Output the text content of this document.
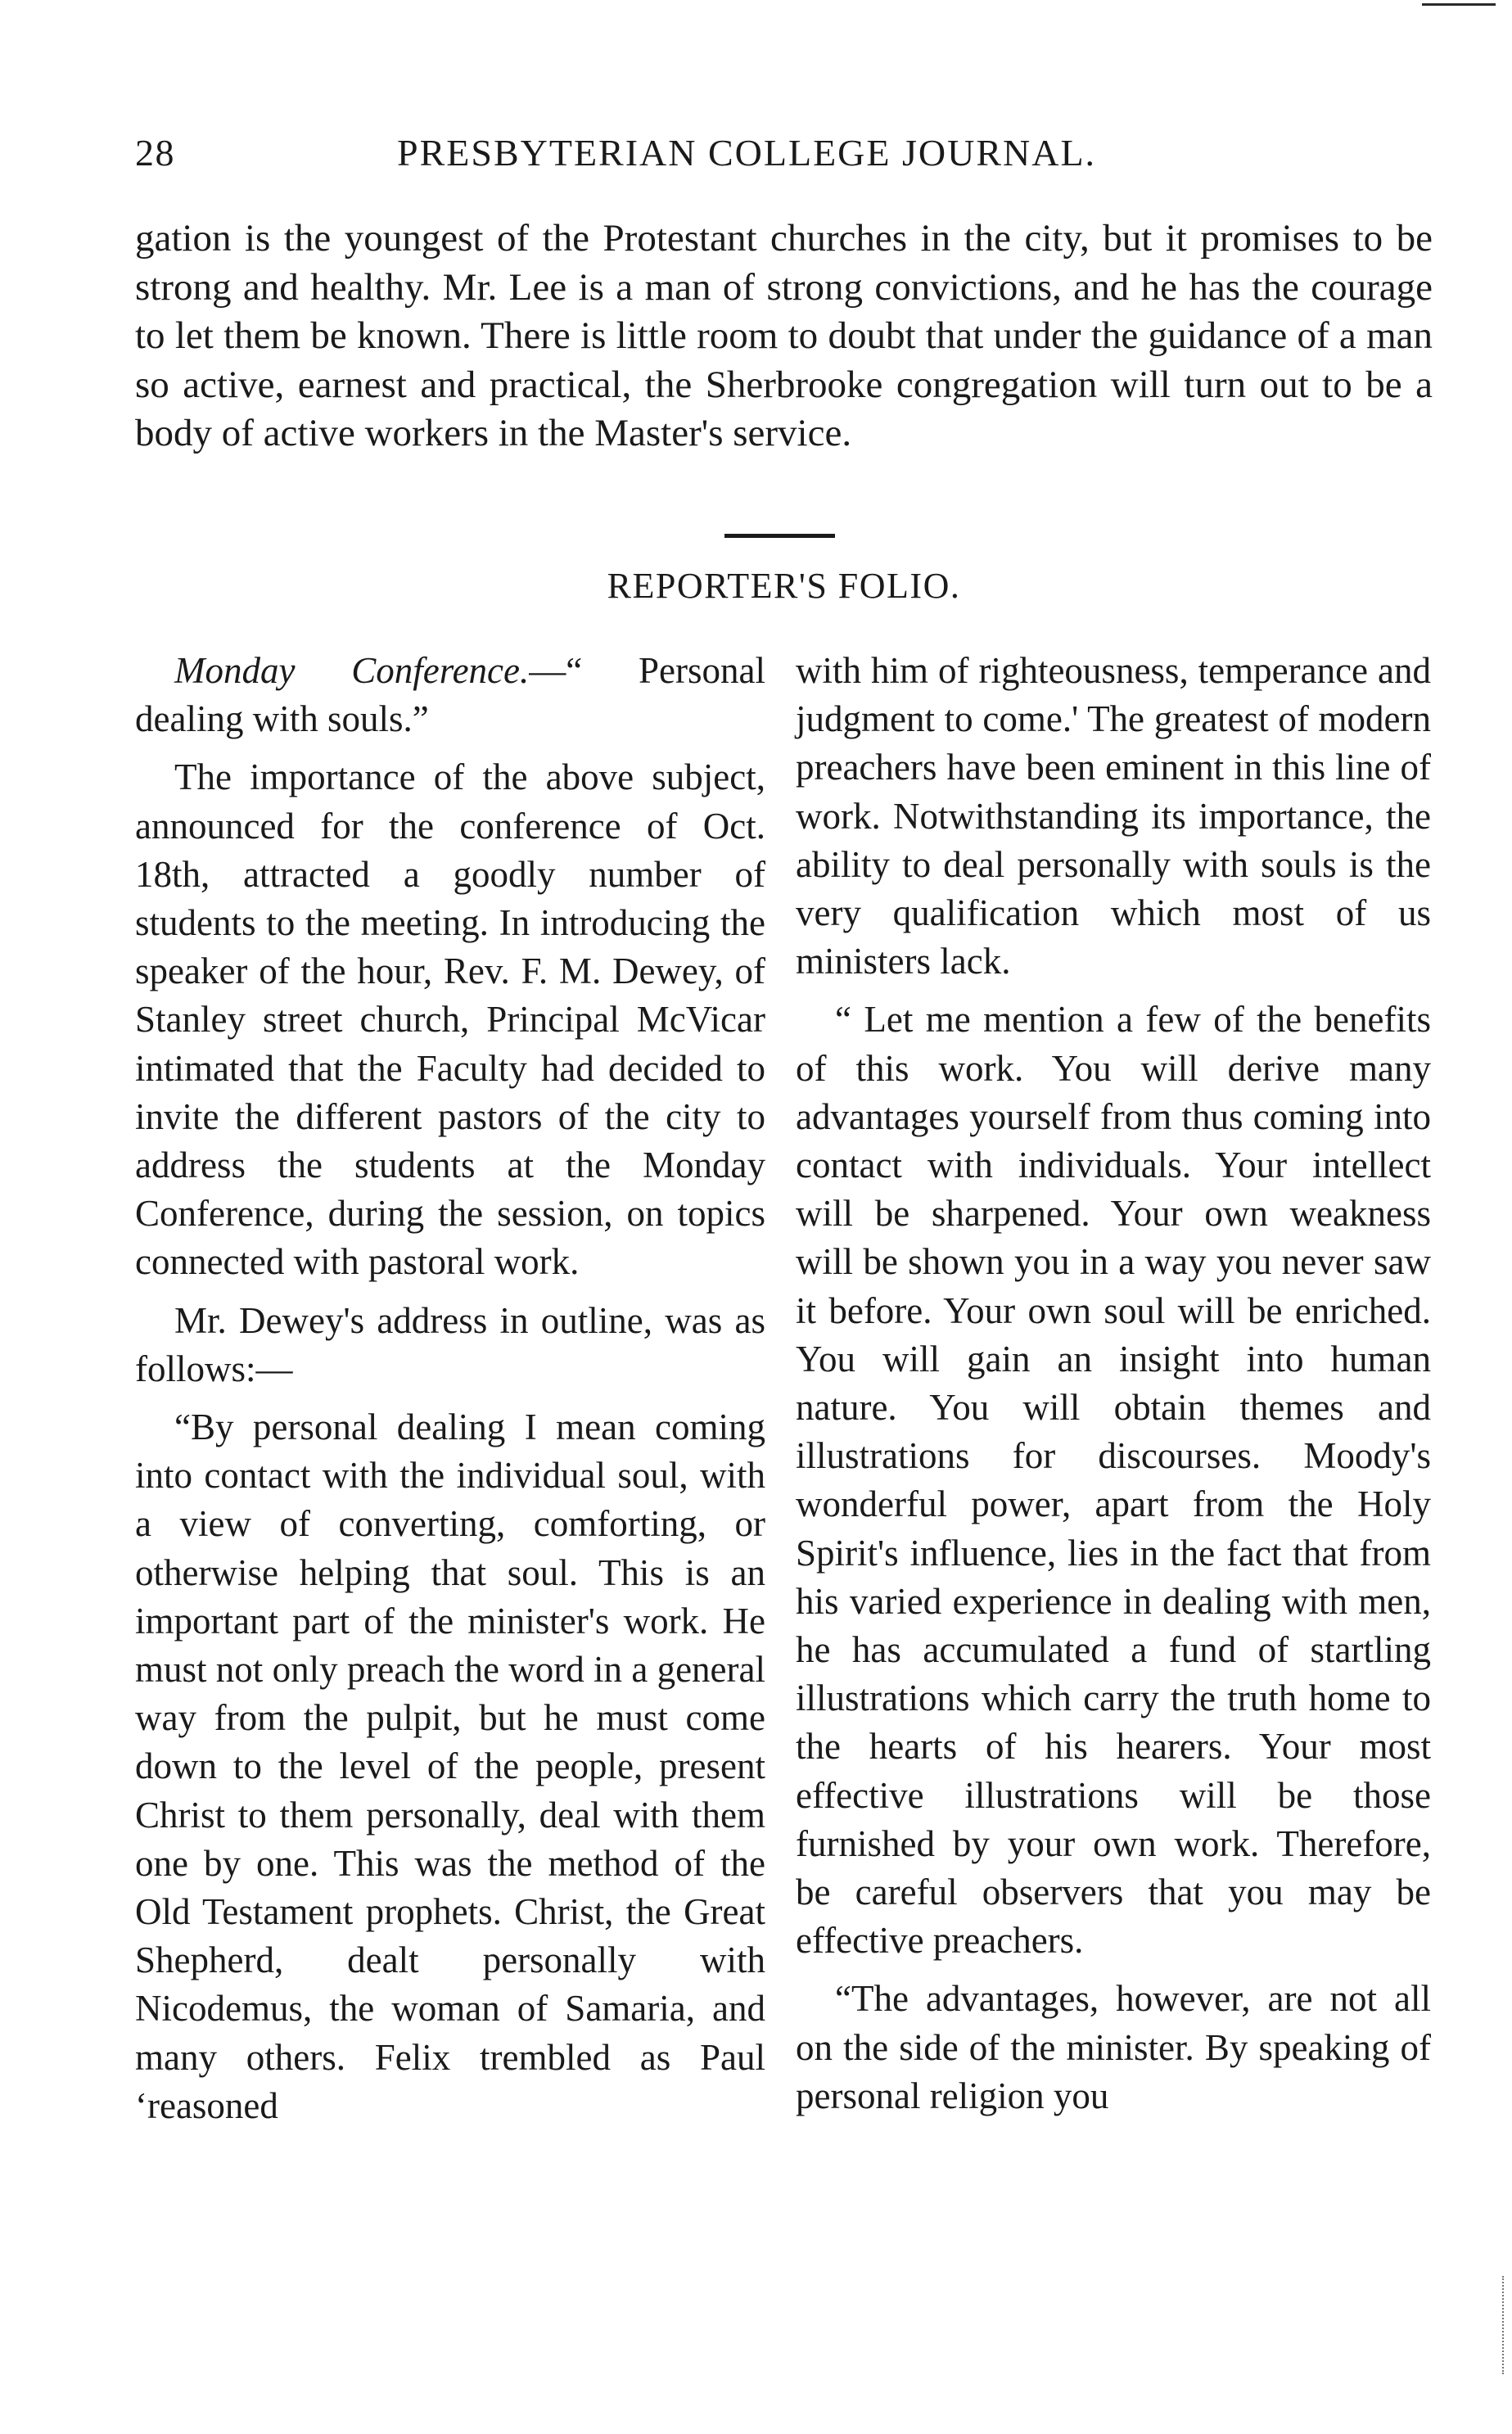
28	PRESBYTERIAN COLLEGE JOURNAL.

gation is the youngest of the Protestant churches in the city, but it promises to be strong and healthy. Mr. Lee is a man of strong convictions, and he has the courage to let them be known. There is little room to doubt that under the guidance of a man so active, earnest and practical, the Sherbrooke congregation will turn out to be a body of active workers in the Master's service.

REPORTER'S FOLIO.

Monday Conference.—“ Personal dealing with souls.”

The importance of the above subject, announced for the conference of Oct. 18th, attracted a goodly number of students to the meeting. In introducing the speaker of the hour, Rev. F. M. Dewey, of Stanley street church, Principal McVicar intimated that the Faculty had decided to invite the different pastors of the city to address the students at the Monday Conference, during the session, on topics connected with pastoral work.

Mr. Dewey's address in outline, was as follows:—

“By personal dealing I mean coming into contact with the individual soul, with a view of converting, comforting, or otherwise helping that soul. This is an important part of the minister's work. He must not only preach the word in a general way from the pulpit, but he must come down to the level of the people, present Christ to them personally, deal with them one by one. This was the method of the Old Testament prophets. Christ, the Great Shepherd, dealt personally with Nicodemus, the woman of Samaria, and many others. Felix trembled as Paul ‘reasoned

with him of righteousness, temperance and judgment to come.' The greatest of modern preachers have been eminent in this line of work. Notwithstanding its importance, the ability to deal personally with souls is the very qualification which most of us ministers lack.

“ Let me mention a few of the benefits of this work. You will derive many advantages yourself from thus coming into contact with individuals. Your intellect will be sharpened. Your own weakness will be shown you in a way you never saw it before. Your own soul will be enriched. You will gain an insight into human nature. You will obtain themes and illustrations for discourses. Moody's wonderful power, apart from the Holy Spirit's influence, lies in the fact that from his varied experience in dealing with men, he has accumulated a fund of startling illustrations which carry the truth home to the hearts of his hearers. Your most effective illustrations will be those furnished by your own work. Therefore, be careful observers that you may be effective preachers.

“The advantages, however, are not all on the side of the minister. By speaking of personal religion you
